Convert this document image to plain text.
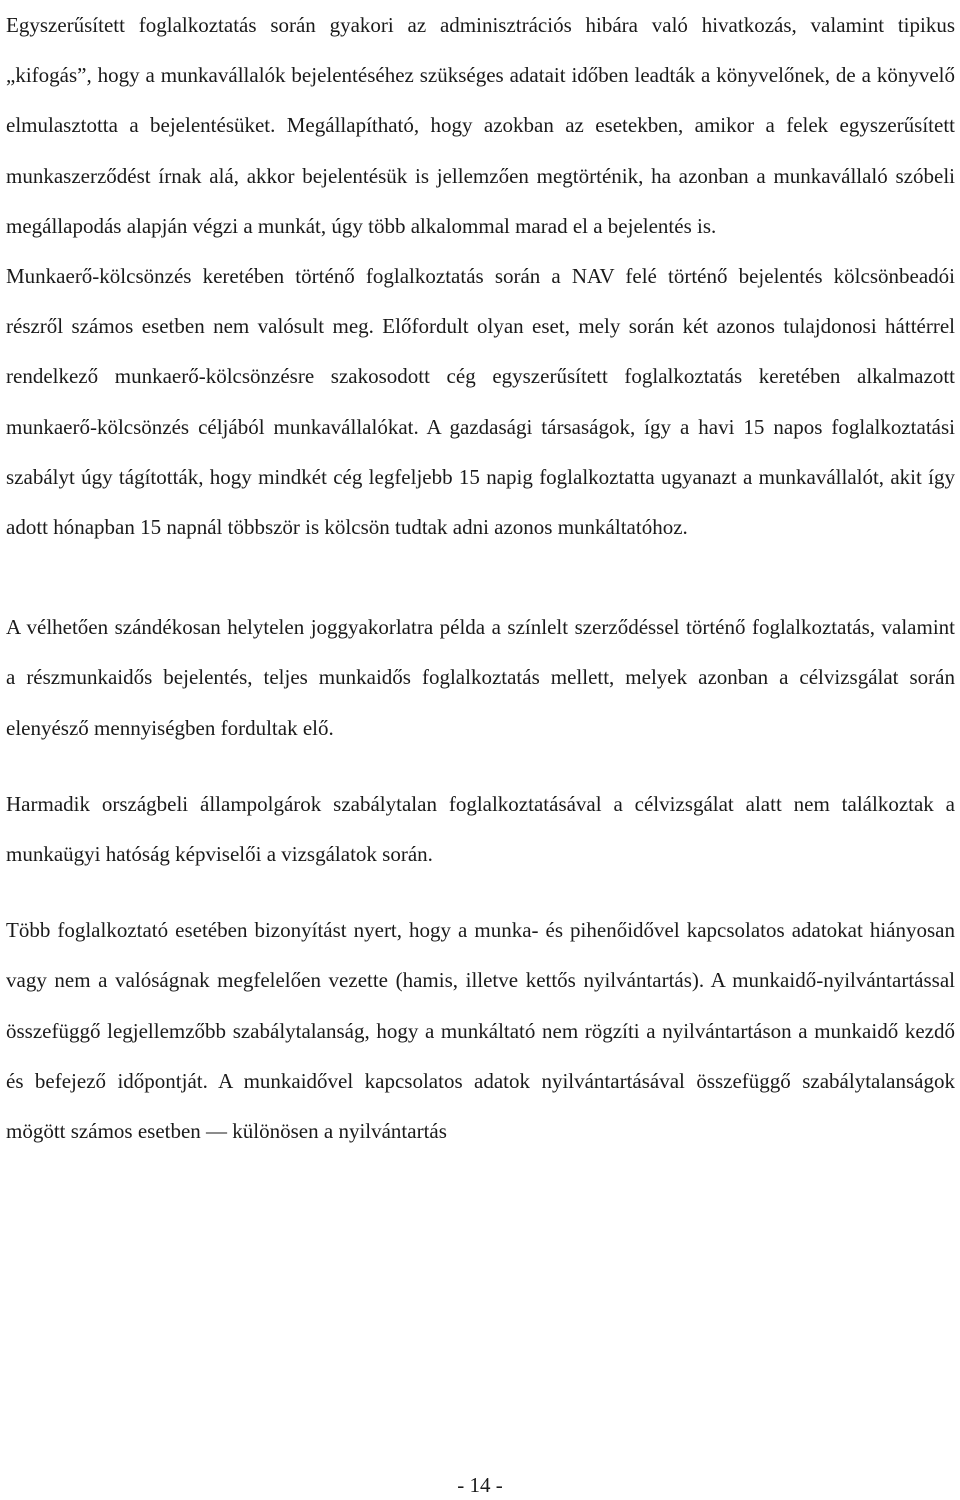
Egyszerűsített foglalkoztatás során gyakori az adminisztrációs hibára való hivatkozás, valamint tipikus „kifogás”, hogy a munkavállalók bejelentéséhez szükséges adatait időben leadták a könyvelőnek, de a könyvelő elmulasztotta a bejelentésüket. Megállapítható, hogy azokban az esetekben, amikor a felek egyszerűsített munkaszerződést írnak alá, akkor bejelentésük is jellemzően megtörténik, ha azonban a munkavállaló szóbeli megállapodás alapján végzi a munkát, úgy több alkalommal marad el a bejelentés is.

Munkaerő-kölcsönzés keretében történő foglalkoztatás során a NAV felé történő bejelentés kölcsönbeadói részről számos esetben nem valósult meg. Előfordult olyan eset, mely során két azonos tulajdonosi háttérrel rendelkező munkaerő-kölcsönzésre szakosodott cég egyszerűsített foglalkoztatás keretében alkalmazott munkaerő-kölcsönzés céljából munkavállalókat. A gazdasági társaságok, így a havi 15 napos foglalkoztatási szabályt úgy tágították, hogy mindkét cég legfeljebb 15 napig foglalkoztatta ugyanazt a munkavállalót, akit így adott hónapban 15 napnál többször is kölcsön tudtak adni azonos munkáltatóhoz.

A vélhetően szándékosan helytelen joggyakorlatra példa a színlelt szerződéssel történő foglalkoztatás, valamint a részmunkaidős bejelentés, teljes munkaidős foglalkoztatás mellett, melyek azonban a célvizsgálat során elenyésző mennyiségben fordultak elő.

Harmadik országbeli állampolgárok szabálytalan foglalkoztatásával a célvizsgálat alatt nem találkoztak a munkaügyi hatóság képviselői a vizsgálatok során.

Több foglalkoztató esetében bizonyítást nyert, hogy a munka- és pihenőidővel kapcsolatos adatokat hiányosan vagy nem a valóságnak megfelelően vezette (hamis, illetve kettős nyilvántartás). A munkaidő-nyilvántartással összefüggő legjellemzőbb szabálytalanság, hogy a munkáltató nem rögzíti a nyilvántartáson a munkaidő kezdő és befejező időpontját. A munkaidővel kapcsolatos adatok nyilvántartásával összefüggő szabálytalanságok mögött számos esetben — különösen a nyilvántartás

- 14 -
